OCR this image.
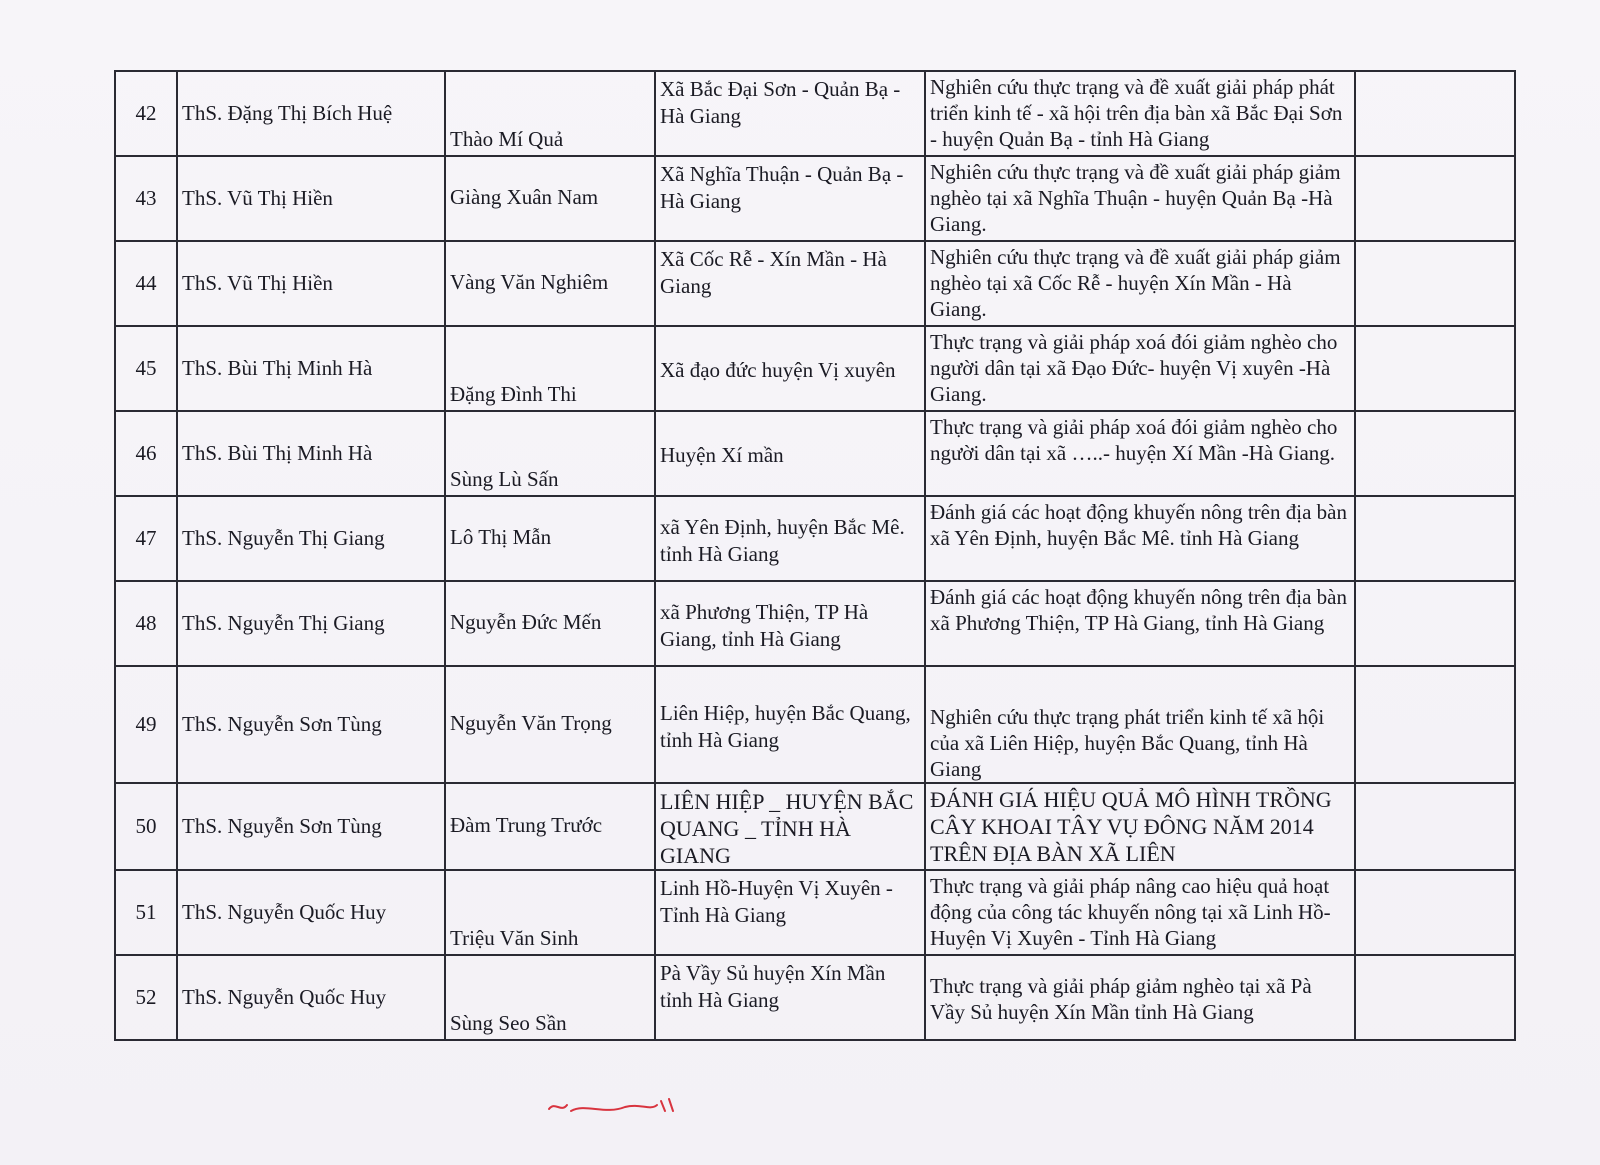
42	ThS. Đặng Thị Bích Huệ	Thào Mí Quả	Xã Bắc Đại Sơn - Quản Bạ - Hà Giang	Nghiên cứu thực trạng và đề xuất giải pháp phát triển kinh tế - xã hội trên địa bàn xã Bắc Đại Sơn - huyện Quản Bạ - tỉnh Hà Giang	
43	ThS. Vũ Thị Hiền	Giàng Xuân Nam	Xã Nghĩa Thuận - Quản Bạ - Hà Giang	Nghiên cứu thực trạng và đề xuất giải pháp giảm nghèo tại xã Nghĩa Thuận - huyện Quản Bạ -Hà Giang.	
44	ThS. Vũ Thị Hiền	Vàng Văn Nghiêm	Xã Cốc Rễ - Xín Mần - Hà Giang	Nghiên cứu thực trạng và đề xuất giải pháp giảm nghèo tại xã Cốc Rễ - huyện Xín Mần - Hà Giang.	
45	ThS. Bùi Thị Minh Hà	Đặng Đình Thi	Xã đạo đức huyện Vị xuyên	Thực trạng và giải pháp xoá đói giảm nghèo cho người dân tại xã Đạo Đức- huyện Vị xuyên -Hà Giang.	
46	ThS. Bùi Thị Minh Hà	Sùng Lù Sấn	Huyện Xí mần	Thực trạng và giải pháp xoá đói giảm nghèo cho người dân tại xã …..- huyện Xí Mần -Hà Giang.	
47	ThS. Nguyễn Thị Giang	Lô Thị Mẫn	xã Yên Định, huyện Bắc Mê. tỉnh Hà Giang	Đánh giá các hoạt động khuyến nông trên địa bàn xã Yên Định, huyện Bắc Mê. tỉnh Hà Giang	
48	ThS. Nguyễn Thị Giang	Nguyễn Đức Mến	xã Phương Thiện, TP Hà Giang, tỉnh Hà Giang	Đánh giá các hoạt động khuyến nông trên địa bàn xã Phương Thiện, TP Hà Giang, tỉnh Hà Giang	
49	ThS. Nguyễn Sơn Tùng	Nguyễn Văn Trọng	Liên Hiệp, huyện Bắc Quang, tỉnh Hà Giang	Nghiên cứu thực trạng phát triển kinh tế xã hội của xã Liên Hiệp, huyện Bắc Quang, tỉnh Hà Giang	
50	ThS. Nguyễn Sơn Tùng	Đàm Trung Trước	LIÊN HIỆP _ HUYỆN BẮC QUANG _ TỈNH HÀ GIANG	ĐÁNH GIÁ HIỆU QUẢ MÔ HÌNH TRỒNG CÂY KHOAI TÂY VỤ ĐÔNG NĂM 2014 TRÊN ĐỊA BÀN XÃ LIÊN	
51	ThS. Nguyễn Quốc Huy	Triệu Văn Sinh	Linh Hồ-Huyện Vị Xuyên - Tỉnh Hà Giang	Thực trạng và giải pháp nâng cao hiệu quả hoạt động của công tác khuyến nông tại xã Linh Hồ-Huyện Vị Xuyên - Tỉnh Hà Giang	
52	ThS. Nguyễn Quốc Huy	Sùng Seo Sần	Pà Vầy Sủ huyện Xín Mần tỉnh Hà Giang	Thực trạng và giải pháp giảm nghèo tại xã Pà Vầy Sủ huyện Xín Mần tỉnh Hà Giang	
